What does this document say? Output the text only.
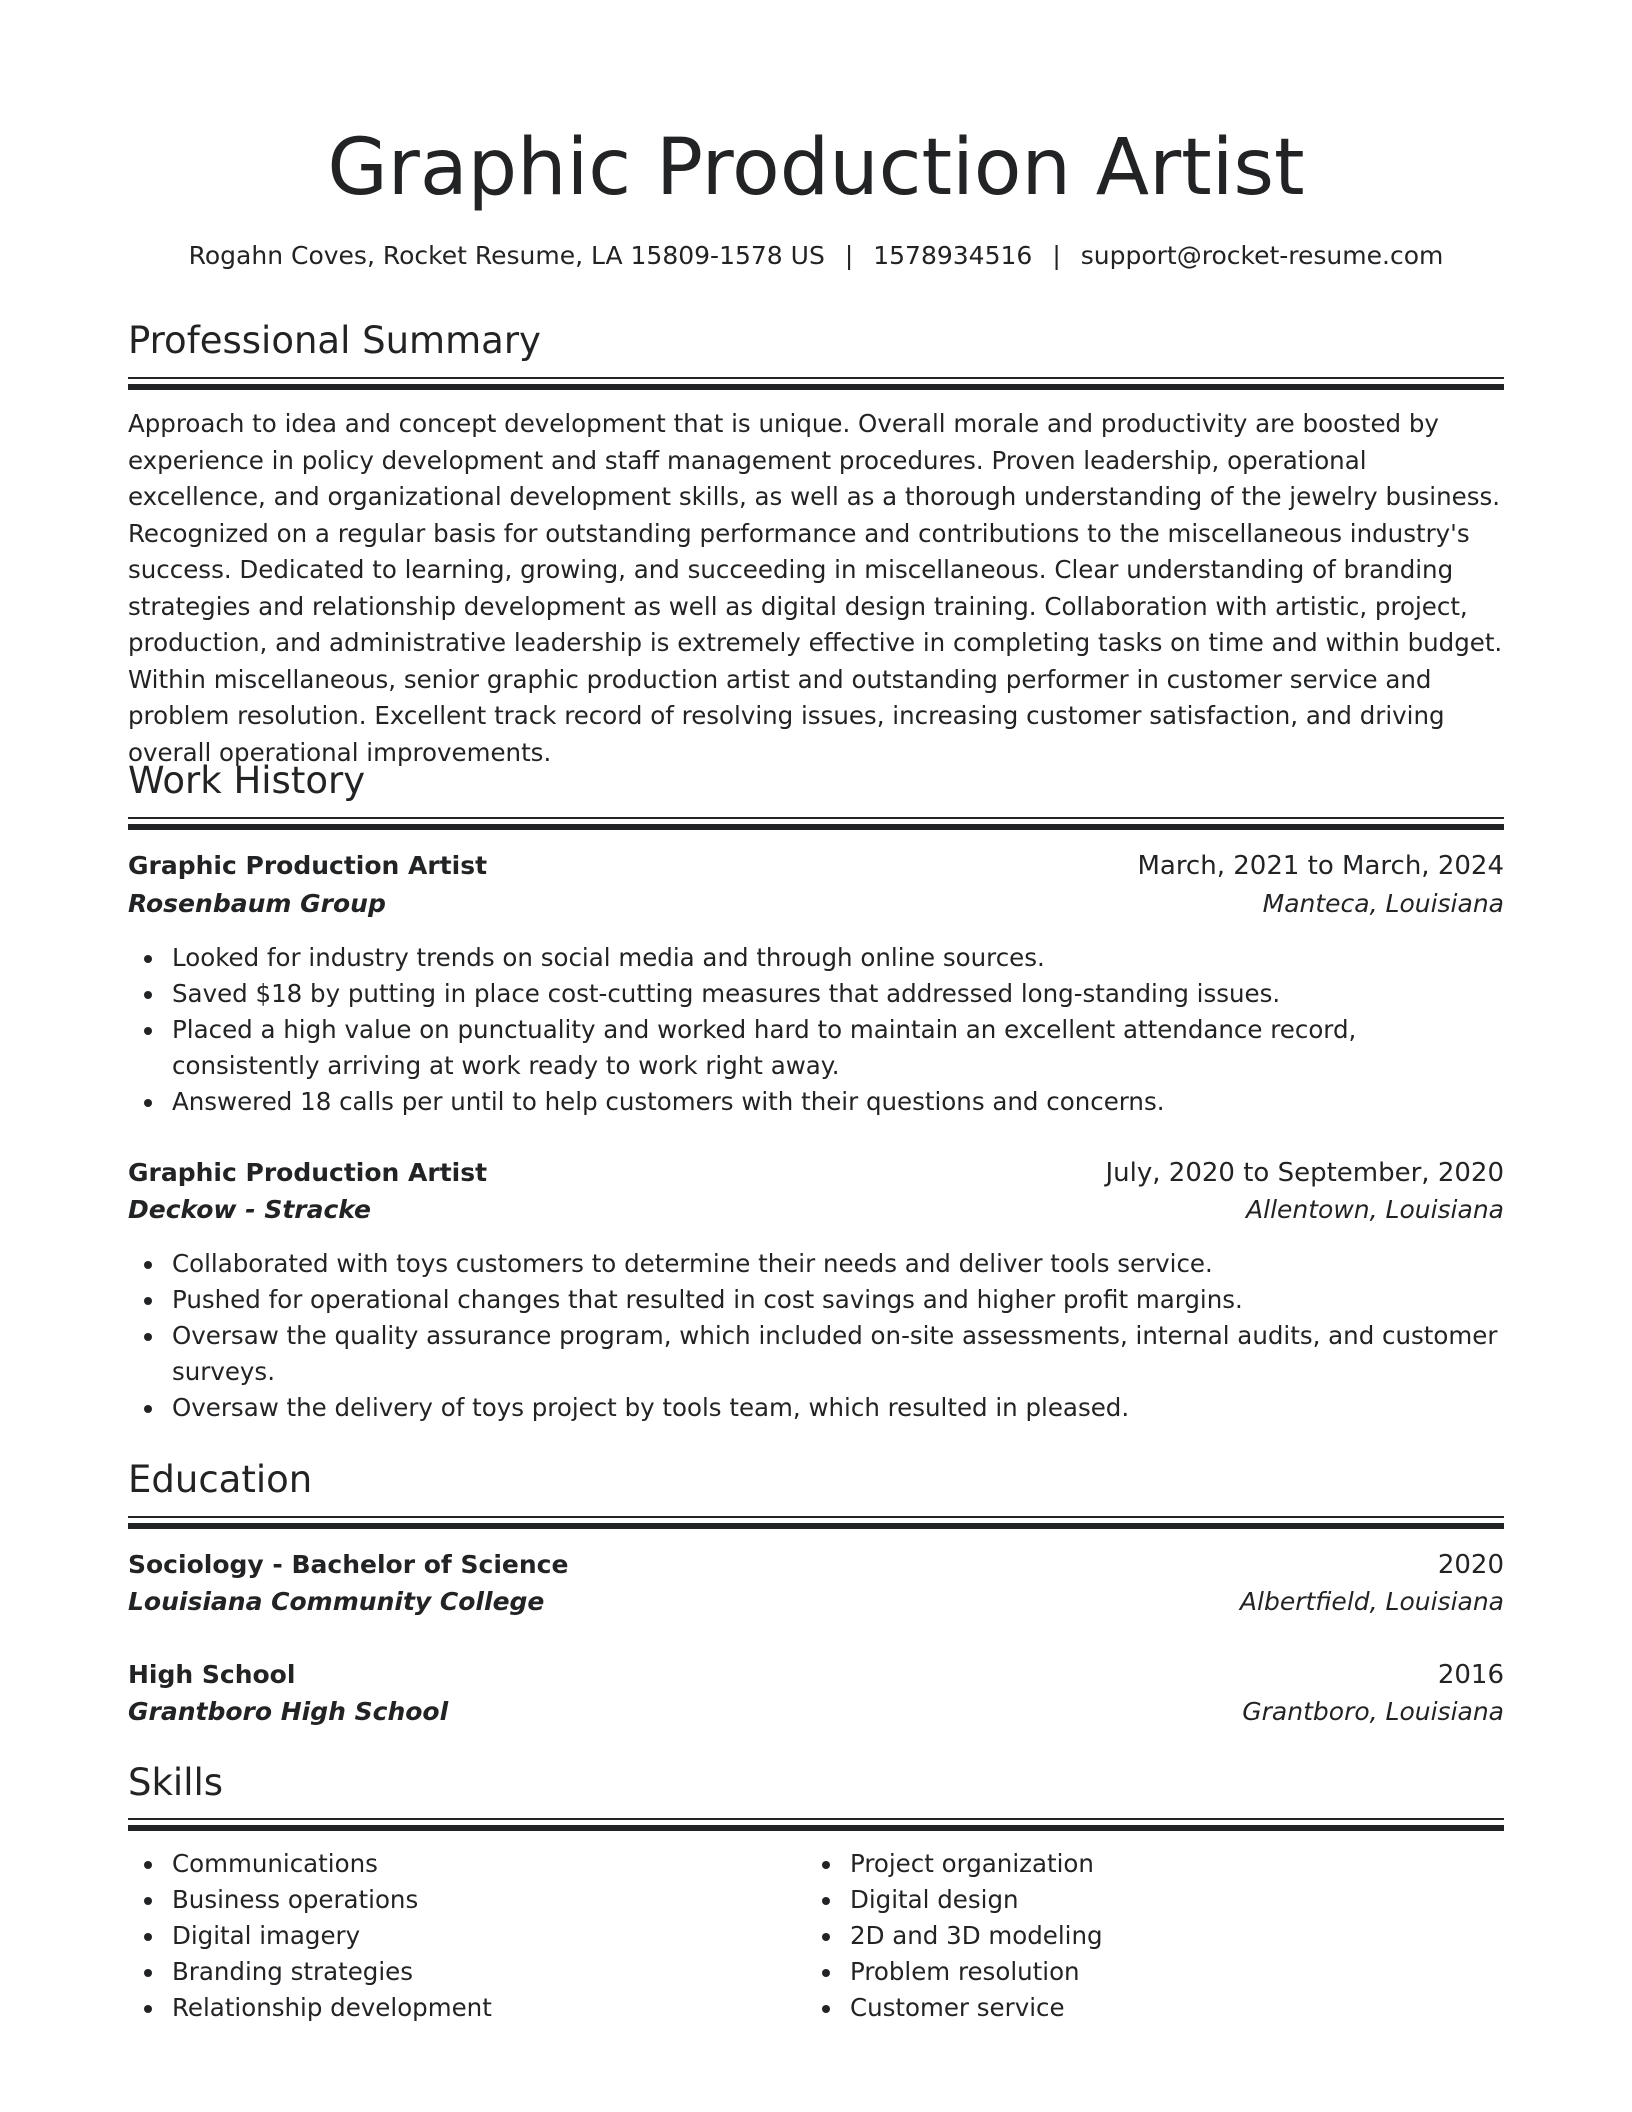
Graphic Production Artist
Rogahn Coves, Rocket Resume, LA 15809-1578 US | 1578934516 | support@rocket-resume.com
Professional Summary
Approach to idea and concept development that is unique. Overall morale and productivity are boosted by experience in policy development and staff management procedures. Proven leadership, operational excellence, and organizational development skills, as well as a thorough understanding of the jewelry business. Recognized on a regular basis for outstanding performance and contributions to the miscellaneous industry's success. Dedicated to learning, growing, and succeeding in miscellaneous. Clear understanding of branding strategies and relationship development as well as digital design training. Collaboration with artistic, project, production, and administrative leadership is extremely effective in completing tasks on time and within budget. Within miscellaneous, senior graphic production artist and outstanding performer in customer service and problem resolution. Excellent track record of resolving issues, increasing customer satisfaction, and driving overall operational improvements.
Work History
Graphic Production Artist	March, 2021 to March, 2024
Rosenbaum Group	Manteca, Louisiana
Looked for industry trends on social media and through online sources.
Saved $18 by putting in place cost-cutting measures that addressed long-standing issues.
Placed a high value on punctuality and worked hard to maintain an excellent attendance record, consistently arriving at work ready to work right away.
Answered 18 calls per until to help customers with their questions and concerns.
Graphic Production Artist	July, 2020 to September, 2020
Deckow - Stracke	Allentown, Louisiana
Collaborated with toys customers to determine their needs and deliver tools service.
Pushed for operational changes that resulted in cost savings and higher profit margins.
Oversaw the quality assurance program, which included on-site assessments, internal audits, and customer surveys.
Oversaw the delivery of toys project by tools team, which resulted in pleased.
Education
Sociology - Bachelor of Science	2020
Louisiana Community College	Albertfield, Louisiana
High School	2016
Grantboro High School	Grantboro, Louisiana
Skills
Communications
Business operations
Digital imagery
Branding strategies
Relationship development
Project organization
Digital design
2D and 3D modeling
Problem resolution
Customer service
